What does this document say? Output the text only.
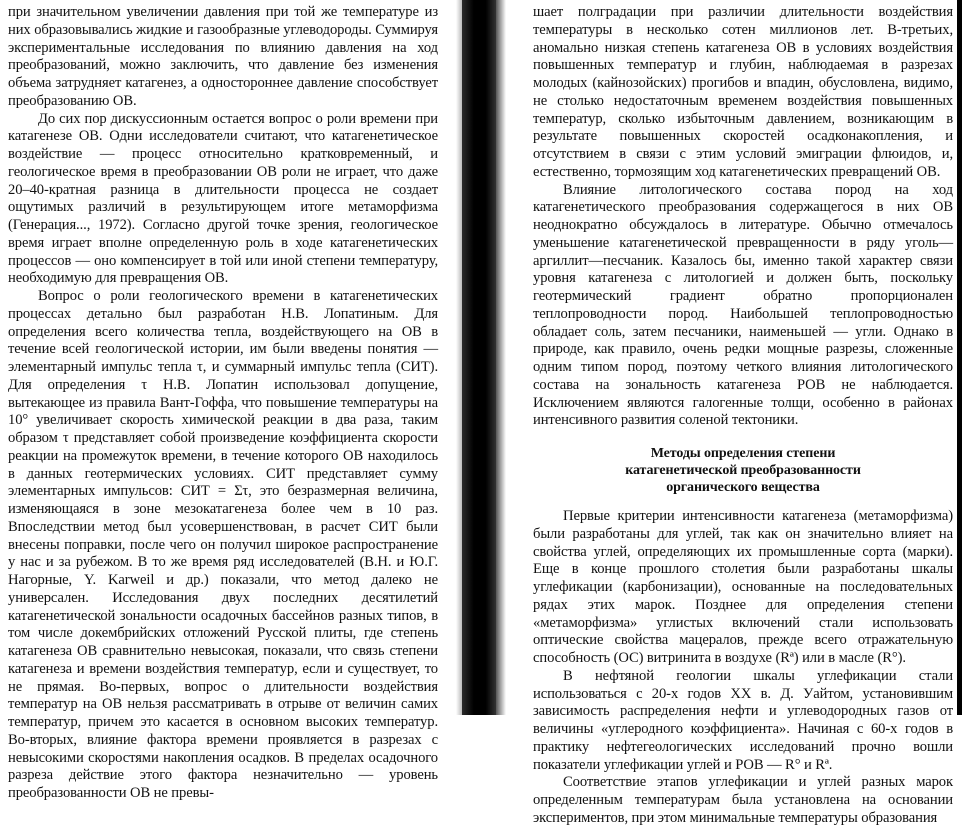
при значительном увеличении давления при той же температуре из них образовывались жидкие и газообразные углеводороды. Суммируя экспериментальные исследования по влиянию давления на ход преобразований, можно заключить, что давление без изменения объема затрудняет катагенез, а одностороннее давление способствует преобразованию ОВ.

До сих пор дискуссионным остается вопрос о роли времени при катагенезе ОВ. Одни исследователи считают, что катагенетическое воздействие — процесс относительно кратковременный, и геологическое время в преобразовании ОВ роли не играет, что даже 20–40-кратная разница в длительности процесса не создает ощутимых различий в результирующем итоге метаморфизма (Генерация..., 1972). Согласно другой точке зрения, геологическое время играет вполне определенную роль в ходе катагенетических процессов — оно компенсирует в той или иной степени температуру, необходимую для превращения ОВ.

Вопрос о роли геологического времени в катагенетических процессах детально был разработан Н.В. Лопатиным. Для определения всего количества тепла, воздействующего на ОВ в течение всей геологической истории, им были введены понятия — элементарный импульс тепла τ, и суммарный импульс тепла (СИТ). Для определения τ Н.В. Лопатин использовал допущение, вытекающее из правила Вант-Гоффа, что повышение температуры на 10° увеличивает скорость химической реакции в два раза, таким образом τ представляет собой произведение коэффициента скорости реакции на промежуток времени, в течение которого ОВ находилось в данных геотермических условиях. СИТ представляет сумму элементарных импульсов: СИТ = Στ, это безразмерная величина, изменяющаяся в зоне мезокатагенеза более чем в 10 раз. Впоследствии метод был усовершенствован, в расчет СИТ были внесены поправки, после чего он получил широкое распространение у нас и за рубежом. В то же время ряд исследователей (В.Н. и Ю.Г. Нагорные, Y. Karweil и др.) показали, что метод далеко не универсален. Исследования двух последних десятилетий катагенетической зональности осадочных бассейнов разных типов, в том числе докембрийских отложений Русской плиты, где степень катагенеза ОВ сравнительно невысокая, показали, что связь степени катагенеза и времени воздействия температур, если и существует, то не прямая. Во-первых, вопрос о длительности воздействия температур на ОВ нельзя рассматривать в отрыве от величин самих температур, причем это касается в основном высоких температур. Во-вторых, влияние фактора времени проявляется в разрезах с невысокими скоростями накопления осадков. В пределах осадочного разреза действие этого фактора незначительно — уровень преобразованности ОВ не превы-

шает полградации при различии длительности воздействия температуры в несколько сотен миллионов лет. В-третьих, аномально низкая степень катагенеза ОВ в условиях воздействия повышенных температур и глубин, наблюдаемая в разрезах молодых (кайнозойских) прогибов и впадин, обусловлена, видимо, не столько недостаточным временем воздействия повышенных температур, сколько избыточным давлением, возникающим в результате повышенных скоростей осадконакопления, и отсутствием в связи с этим условий эмиграции флюидов, и, естественно, тормозящим ход катагенетических превращений ОВ.

Влияние литологического состава пород на ход катагенетического преобразования содержащегося в них ОВ неоднократно обсуждалось в литературе. Обычно отмечалось уменьшение катагенетической превращенности в ряду уголь—аргиллит—песчаник. Казалось бы, именно такой характер связи уровня катагенеза с литологией и должен быть, поскольку геотермический градиент обратно пропорционален теплопроводности пород. Наибольшей теплопроводностью обладает соль, затем песчаники, наименьшей — угли. Однако в природе, как правило, очень редки мощные разрезы, сложенные одним типом пород, поэтому четкого влияния литологического состава на зональность катагенеза РОВ не наблюдается. Исключением являются галогенные толщи, особенно в районах интенсивного развития соленой тектоники.

Методы определения степени
катагенетической преобразованности
органического вещества

Первые критерии интенсивности катагенеза (метаморфизма) были разработаны для углей, так как он значительно влияет на свойства углей, определяющих их промышленные сорта (марки). Еще в конце прошлого столетия были разработаны шкалы углефикации (карбонизации), основанные на последовательных рядах этих марок. Позднее для определения степени «метаморфизма» углистых включений стали использовать оптические свойства мацералов, прежде всего отражательную способность (ОС) витринита в воздухе (Rª) или в масле (R°).

В нефтяной геологии шкалы углефикации стали использоваться с 20-х годов XX в. Д. Уайтом, установившим зависимость распределения нефти и углеводородных газов от величины «углеродного коэффициента». Начиная с 60-х годов в практику нефтегеологических исследований прочно вошли показатели углефикации углей и РОВ — R° и Rª.

Соответствие этапов углефикации и углей разных марок определенным температурам была установлена на основании экспериментов, при этом минимальные температуры образования
